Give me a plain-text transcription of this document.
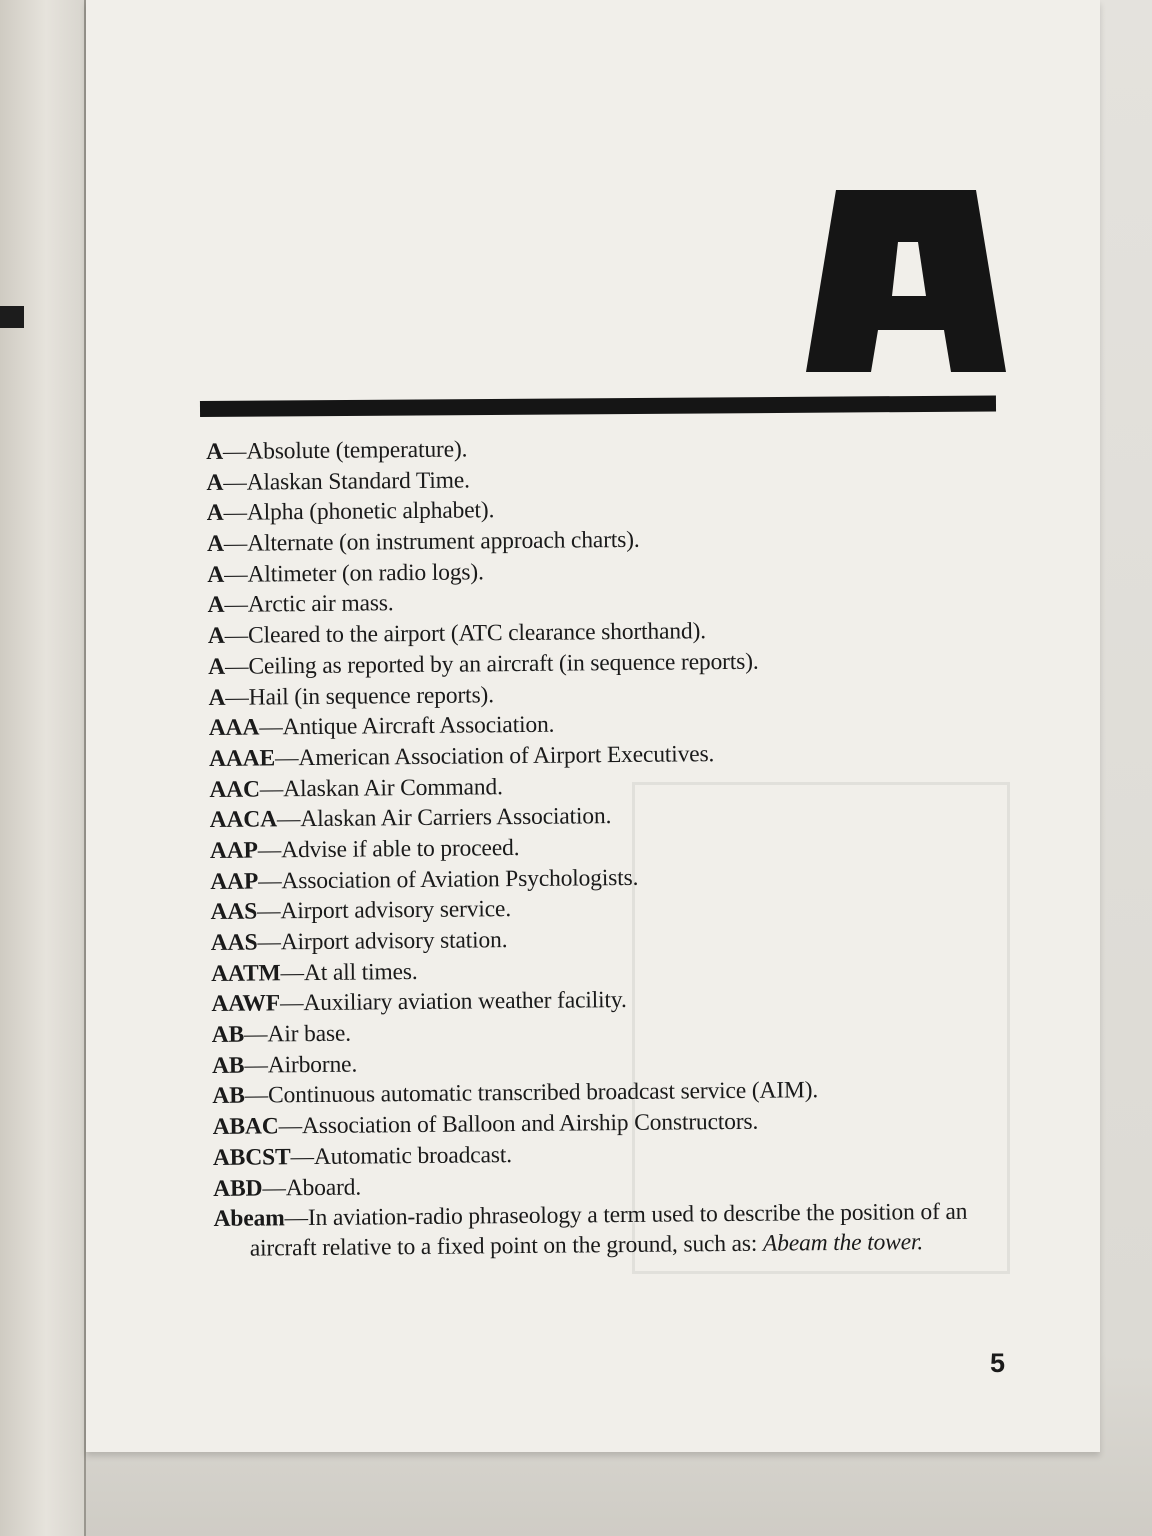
A
A—Absolute (temperature).
A—Alaskan Standard Time.
A—Alpha (phonetic alphabet).
A—Alternate (on instrument approach charts).
A—Altimeter (on radio logs).
A—Arctic air mass.
A—Cleared to the airport (ATC clearance shorthand).
A—Ceiling as reported by an aircraft (in sequence reports).
A—Hail (in sequence reports).
AAA—Antique Aircraft Association.
AAAE—American Association of Airport Executives.
AAC—Alaskan Air Command.
AACA—Alaskan Air Carriers Association.
AAP—Advise if able to proceed.
AAP—Association of Aviation Psychologists.
AAS—Airport advisory service.
AAS—Airport advisory station.
AATM—At all times.
AAWF—Auxiliary aviation weather facility.
AB—Air base.
AB—Airborne.
AB—Continuous automatic transcribed broadcast service (AIM).
ABAC—Association of Balloon and Airship Constructors.
ABCST—Automatic broadcast.
ABD—Aboard.
Abeam—In aviation-radio phraseology a term used to describe the position of an aircraft relative to a fixed point on the ground, such as: Abeam the tower.
5
